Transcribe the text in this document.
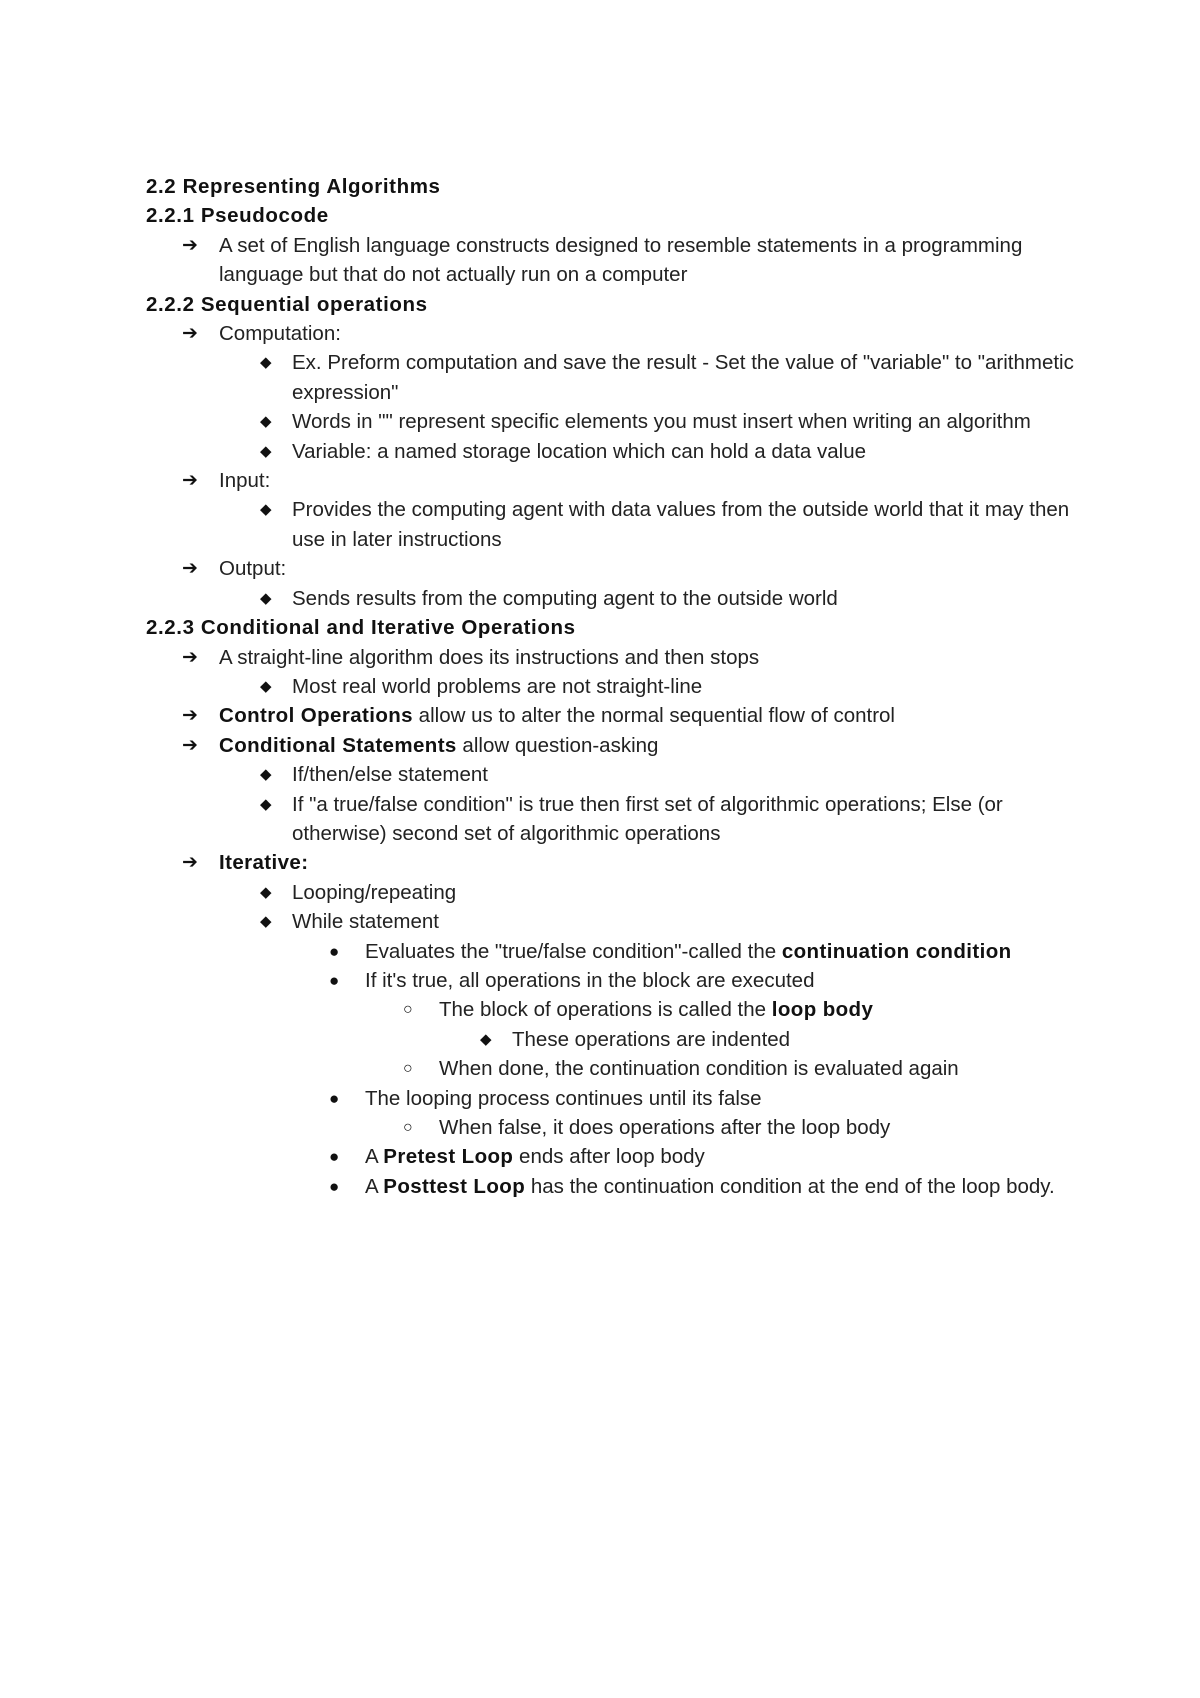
2.2 Representing Algorithms
2.2.1 Pseudocode
➔
A set of English language constructs designed to resemble statements in a programming language but that do not actually run on a computer
2.2.2 Sequential operations
➔
Computation:
◆
Ex. Preform computation and save the result - Set the value of "variable" to "arithmetic expression"
◆
Words in "" represent specific elements you must insert when writing an algorithm
◆
Variable: a named storage location which can hold a data value
➔
Input:
◆
Provides the computing agent with data values from the outside world that it may then use in later instructions
➔
Output:
◆
Sends results from the computing agent to the outside world
2.2.3 Conditional and Iterative Operations
➔
A straight-line algorithm does its instructions and then stops
◆
Most real world problems are not straight-line
➔
Control Operations allow us to alter the normal sequential flow of control
➔
Conditional Statements allow question-asking
◆
If/then/else statement
◆
If "a true/false condition" is true then first set of algorithmic operations; Else (or otherwise) second set of algorithmic operations
➔
Iterative:
◆
Looping/repeating
◆
While statement
●
Evaluates the "true/false condition"-called the continuation condition
●
If it's true, all operations in the block are executed
○
The block of operations is called the loop body
◆
These operations are indented
○
When done, the continuation condition is evaluated again
●
The looping process continues until its false
○
When false, it does operations after the loop body
●
A Pretest Loop ends after loop body
●
A Posttest Loop has the continuation condition at the end of the loop body.
